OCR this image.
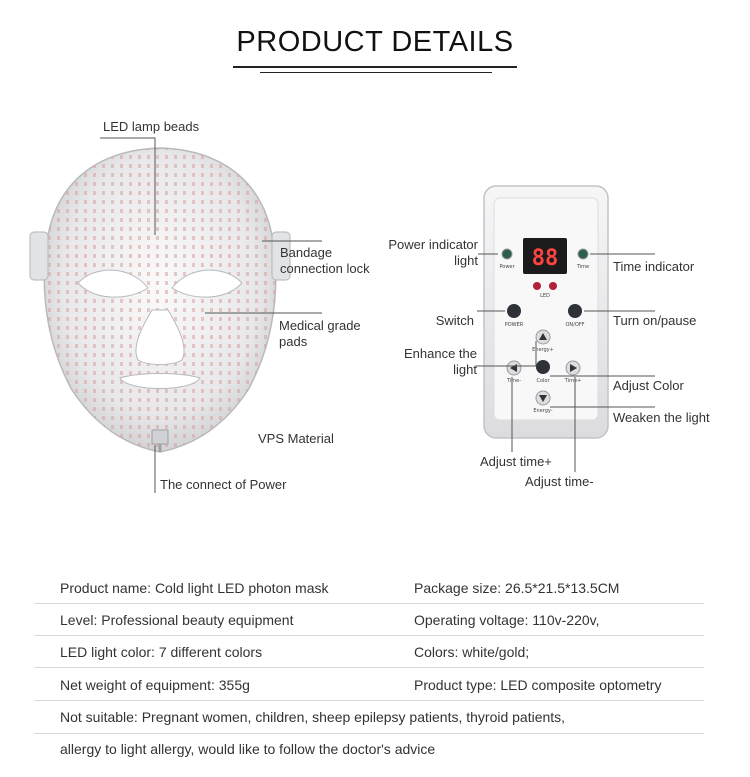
PRODUCT DETAILS
88
Power	Time
LED
POWER	ON/OFF
Energy+
Time-	Color	Time+
Energy-
LED lamp beads
Bandage
connection lock
Medical grade
pads
VPS Material
The connect of Power
Power indicator
light	Time indicator
Switch	Turn on/pause
Enhance the
light
Adjust Color
Weaken the light
Adjust time+
Adjust time-
Product name: Cold light LED photon mask	Package size: 26.5*21.5*13.5CM
Level: Professional beauty equipment	Operating voltage: 110v-220v,
LED light color: 7 different colors	Colors: white/gold;
Net weight of equipment: 355g	Product type: LED composite optometry
Not suitable: Pregnant women, children, sheep epilepsy patients, thyroid patients,
allergy to light allergy, would like to follow the doctor's advice
